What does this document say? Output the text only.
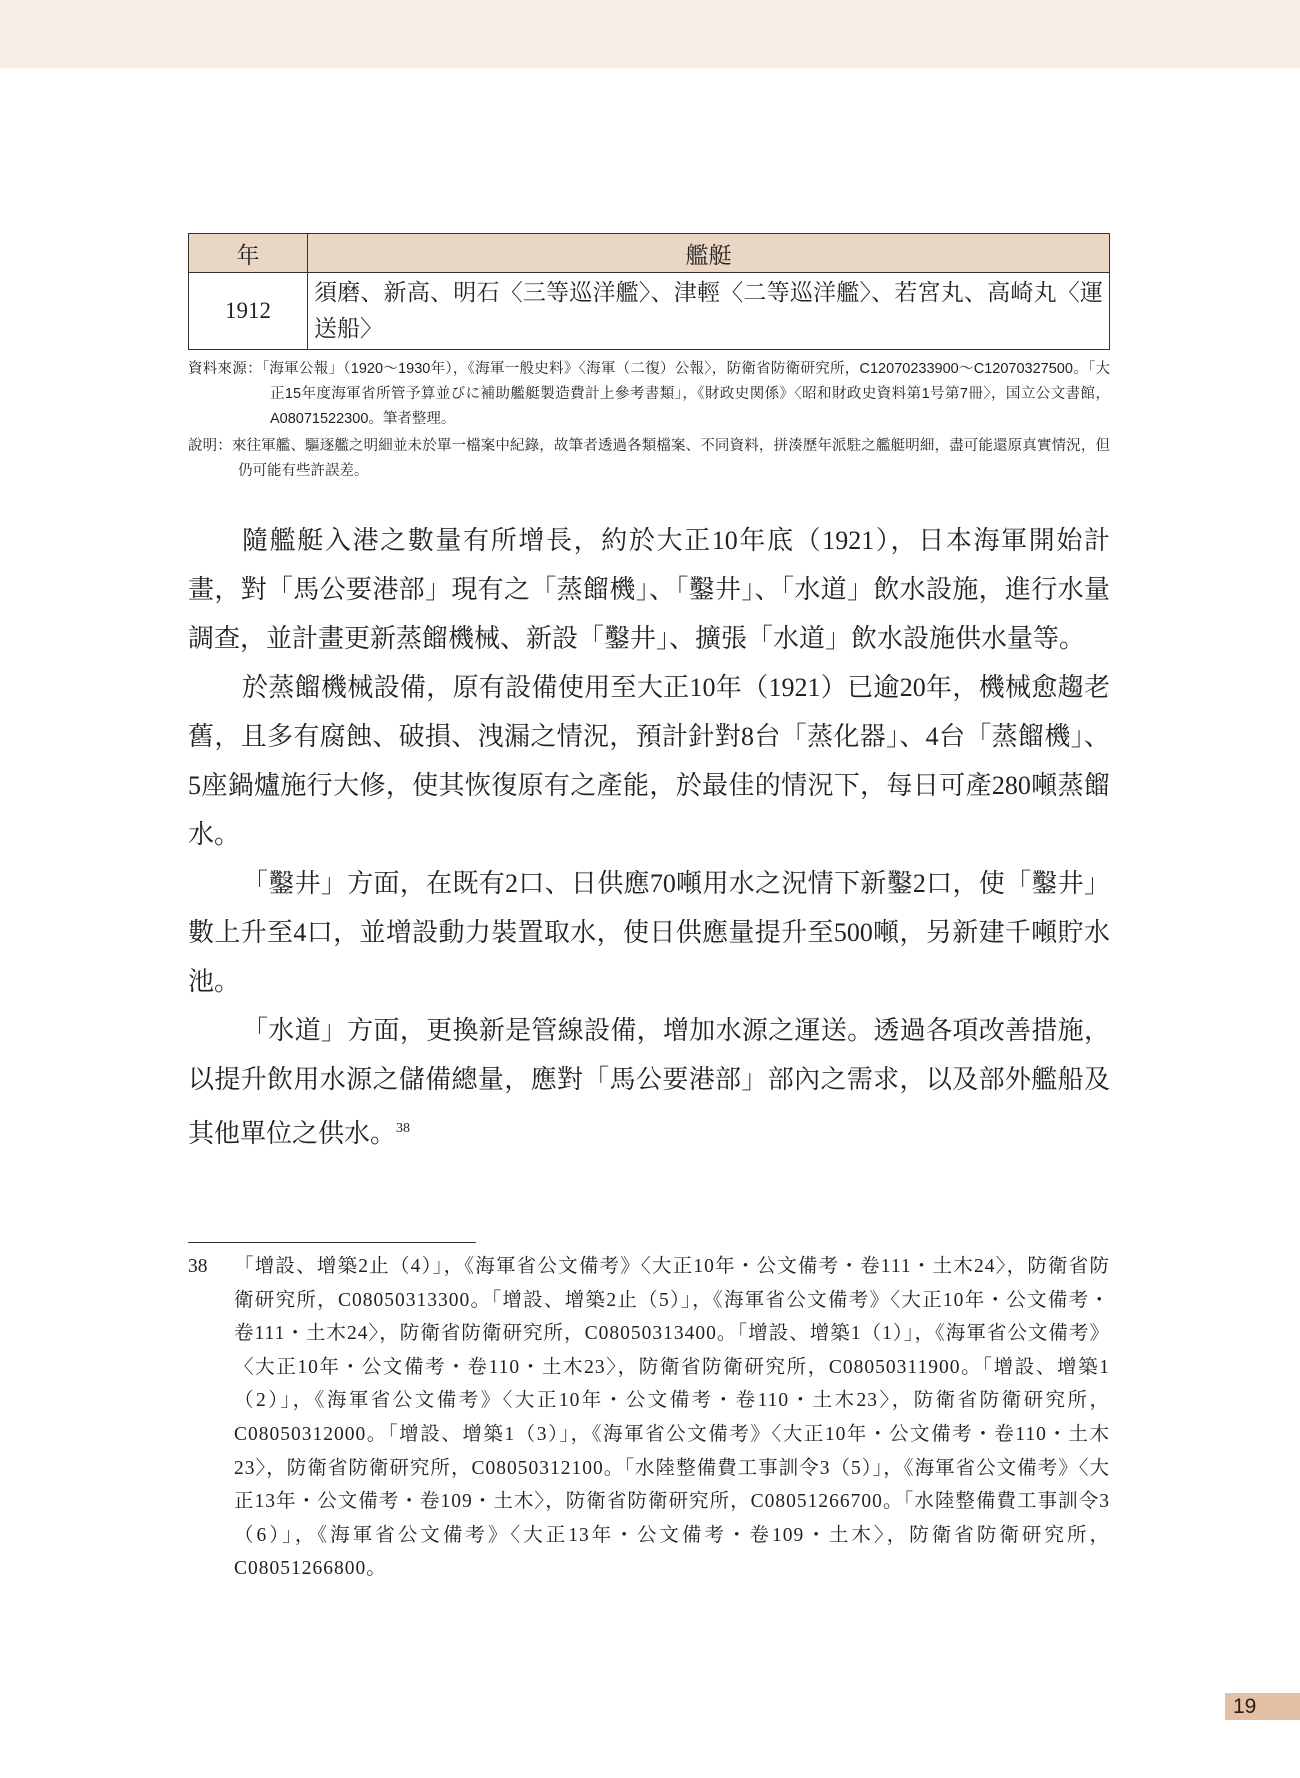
年	艦艇
1912	須磨、新高、明石〈三等巡洋艦〉、津輕〈二等巡洋艦〉、若宮丸、高崎丸〈運送船〉
資料來源：「海軍公報」（1920～1930年），《海軍一般史料》〈海軍（二復）公報〉，防衛省防衛研究所，C12070233900～C12070327500。「大正15年度海軍省所管予算並びに補助艦艇製造費計上參考書類」，《財政史関係》〈昭和財政史資料第1号第7冊〉，国立公文書館，A08071522300。筆者整理。
說明：來往軍艦、驅逐艦之明細並未於單一檔案中紀錄，故筆者透過各類檔案、不同資料，拼湊歷年派駐之艦艇明細，盡可能還原真實情況，但仍可能有些許誤差。

隨艦艇入港之數量有所增長，約於大正10年底（1921），日本海軍開始計畫，對「馬公要港部」現有之「蒸餾機」、「鑿井」、「水道」飲水設施，進行水量調查，並計畫更新蒸餾機械、新設「鑿井」、擴張「水道」飲水設施供水量等。

於蒸餾機械設備，原有設備使用至大正10年（1921）已逾20年，機械愈趨老舊，且多有腐蝕、破損、洩漏之情況，預計針對8台「蒸化器」、4台「蒸餾機」、5座鍋爐施行大修，使其恢復原有之產能，於最佳的情況下，每日可產280噸蒸餾水。

「鑿井」方面，在既有2口、日供應70噸用水之況情下新鑿2口，使「鑿井」數上升至4口，並增設動力裝置取水，使日供應量提升至500噸，另新建千噸貯水池。

「水道」方面，更換新是管線設備，增加水源之運送。透過各項改善措施，以提升飲用水源之儲備總量，應對「馬公要港部」部內之需求，以及部外艦船及其他單位之供水。$^{38}$

38	「增設、增築2止（4）」，《海軍省公文備考》〈大正10年・公文備考・卷111・土木24〉，防衛省防衛研究所，C08050313300。「增設、增築2止（5）」，《海軍省公文備考》〈大正10年・公文備考・卷111・土木24〉，防衛省防衛研究所，C08050313400。「增設、增築1（1）」，《海軍省公文備考》〈大正10年・公文備考・卷110・土木23〉，防衛省防衛研究所，C08050311900。「增設、增築1（2）」，《海軍省公文備考》〈大正10年・公文備考・卷110・土木23〉，防衛省防衛研究所，C08050312000。「增設、增築1（3）」，《海軍省公文備考》〈大正10年・公文備考・卷110・土木23〉，防衛省防衛研究所，C08050312100。「水陸整備費工事訓令3（5）」，《海軍省公文備考》〈大正13年・公文備考・卷109・土木〉，防衛省防衛研究所，C08051266700。「水陸整備費工事訓令3（6）」，《海軍省公文備考》〈大正13年・公文備考・卷109・土木〉，防衛省防衛研究所，C08051266800。
19
